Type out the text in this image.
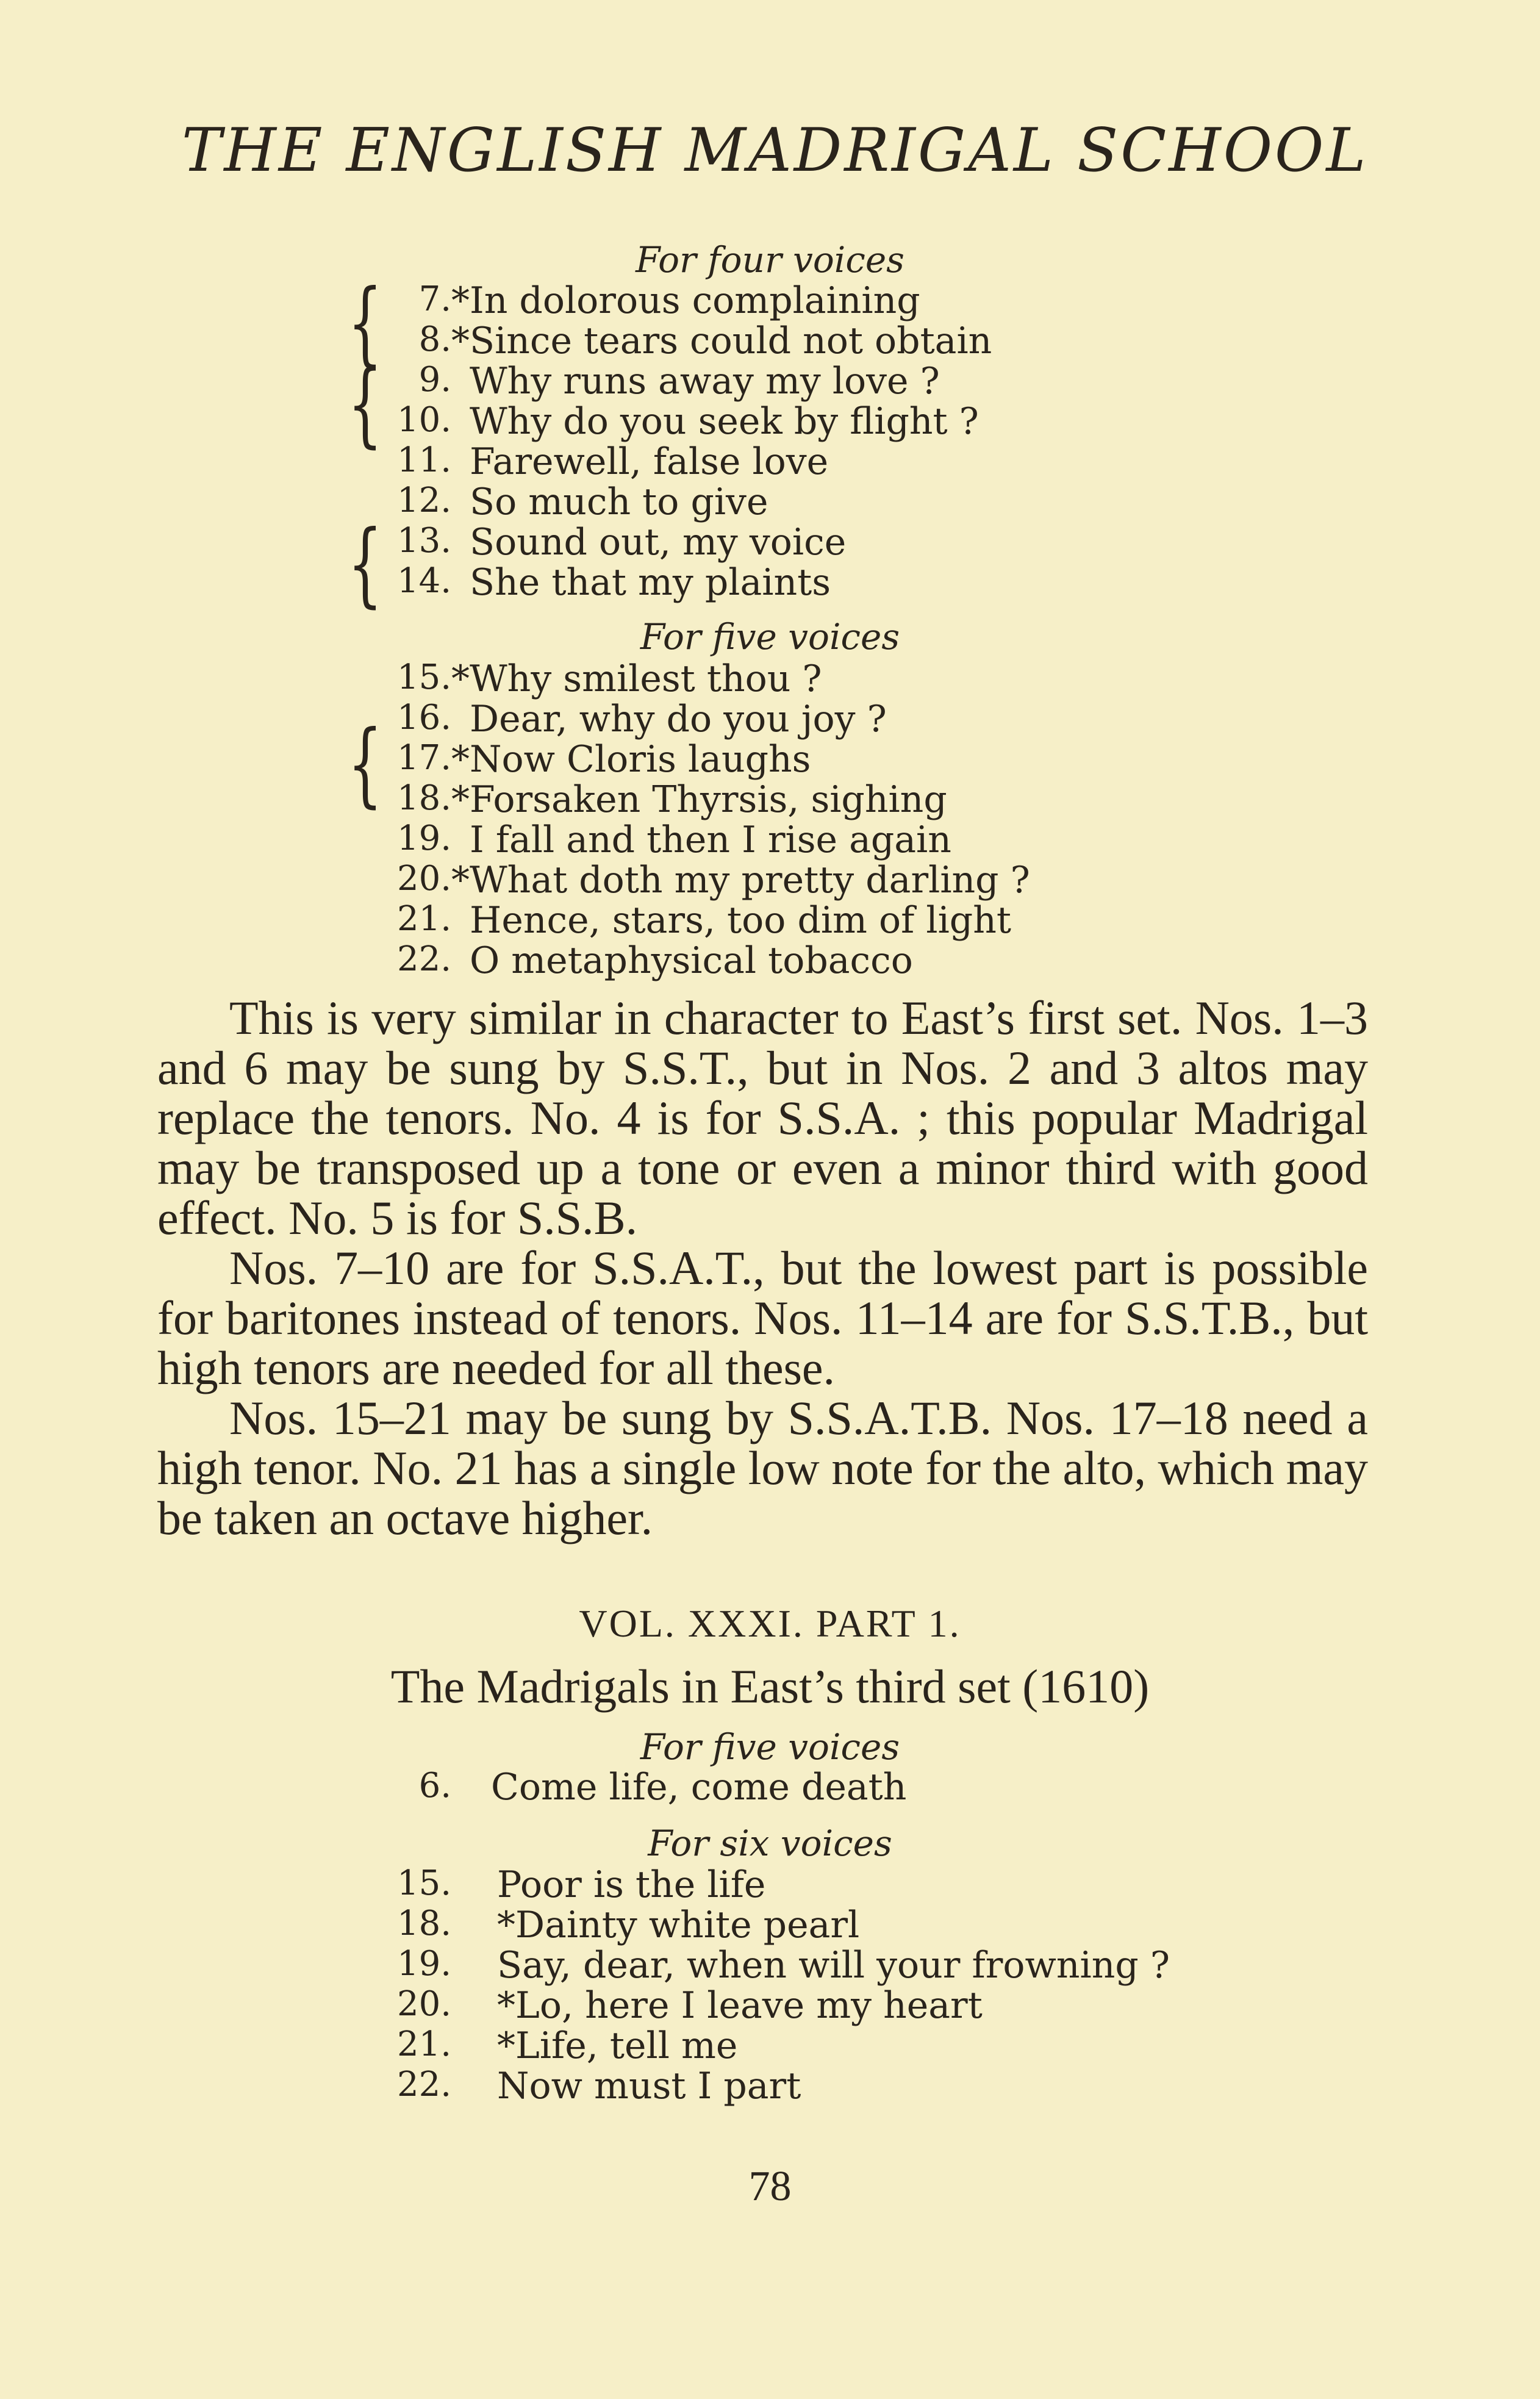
THE ENGLISH MADRIGAL SCHOOL
For four voices
{
{
{
7. *In dolorous complaining
8. *Since tears could not obtain
9. Why runs away my love ?
10. Why do you seek by flight ?
11. Farewell, false love
12. So much to give
13. Sound out, my voice
14. She that my plaints
For five voices
{
15. *Why smilest thou ?
16. Dear, why do you joy ?
17. *Now Cloris laughs
18. *Forsaken Thyrsis, sighing
19. I fall and then I rise again
20. *What doth my pretty darling ?
21. Hence, stars, too dim of light
22. O metaphysical tobacco

This is very similar in character to East’s first set. Nos. 1–3 and 6 may be sung by S.S.T., but in Nos. 2 and 3 altos may replace the tenors. No. 4 is for S.S.A. ; this popular Madrigal may be transposed up a tone or even a minor third with good effect. No. 5 is for S.S.B.

Nos. 7–10 are for S.S.A.T., but the lowest part is possible for baritones instead of tenors. Nos. 11–14 are for S.S.T.B., but high tenors are needed for all these.

Nos. 15–21 may be sung by S.S.A.T.B. Nos. 17–18 need a high tenor. No. 21 has a single low note for the alto, which may be taken an octave higher.

VOL. XXXI. PART 1.
The Madrigals in East’s third set (1610)
For five voices
6. Come life, come death
For six voices
15. Poor is the life
18. *Dainty white pearl
19. Say, dear, when will your frowning ?
20. *Lo, here I leave my heart
21. *Life, tell me
22. Now must I part
78
